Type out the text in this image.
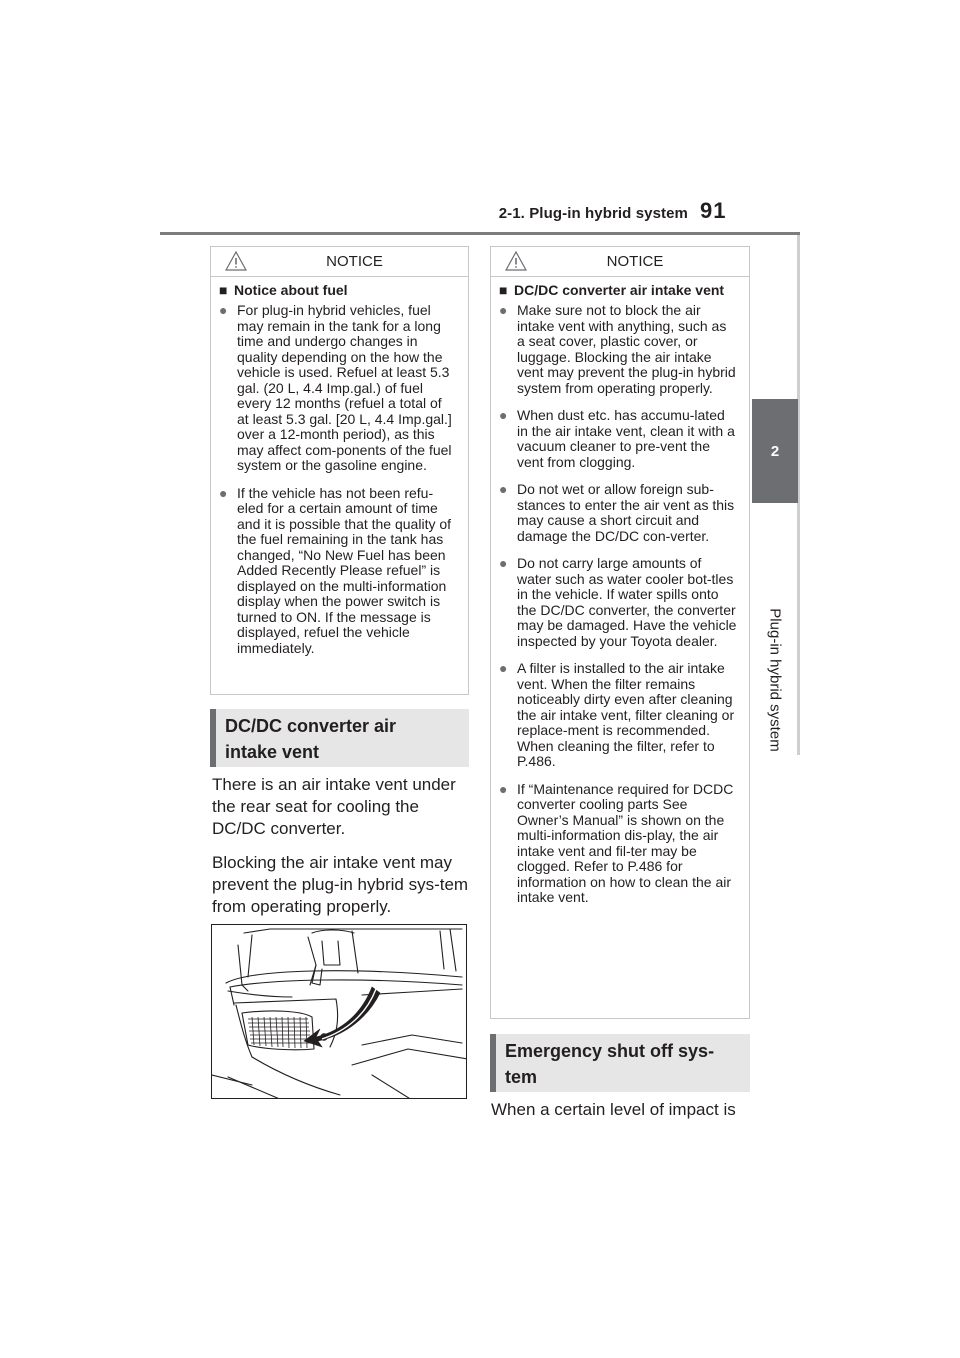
2-1. Plug-in hybrid system 91
2
Plug-in hybrid system
NOTICE
■ Notice about fuel
● For plug-in hybrid vehicles, fuel may remain in the tank for a long time and undergo changes in quality depending on the how the vehicle is used. Refuel at least 5.3 gal. (20 L, 4.4 Imp.gal.) of fuel every 12 months (refuel a total of at least 5.3 gal. [20 L, 4.4 Imp.gal.] over a 12-month period), as this may affect com-ponents of the fuel system or the gasoline engine.
● If the vehicle has not been refu-eled for a certain amount of time and it is possible that the quality of the fuel remaining in the tank has changed, “No New Fuel has been Added Recently Please refuel” is displayed on the multi-information display when the power switch is turned to ON. If the message is displayed, refuel the vehicle immediately.
DC/DC converter air
intake vent

There is an air intake vent under the rear seat for cooling the DC/DC converter.

Blocking the air intake vent may prevent the plug-in hybrid sys-tem from operating properly.

NOTICE
■ DC/DC converter air intake vent
● Make sure not to block the air intake vent with anything, such as a seat cover, plastic cover, or luggage. Blocking the air intake vent may prevent the plug-in hybrid system from operating properly.
● When dust etc. has accumu-lated in the air intake vent, clean it with a vacuum cleaner to pre-vent the vent from clogging.
● Do not wet or allow foreign sub-stances to enter the air vent as this may cause a short circuit and damage the DC/DC con-verter.
● Do not carry large amounts of water such as water cooler bot-tles in the vehicle. If water spills onto the DC/DC converter, the converter may be damaged. Have the vehicle inspected by your Toyota dealer.
● A filter is installed to the air intake vent. When the filter remains noticeably dirty even after cleaning the air intake vent, filter cleaning or replace-ment is recommended. When cleaning the filter, refer to P.486.
● If “Maintenance required for DCDC converter cooling parts See Owner’s Manual” is shown on the multi-information dis-play, the air intake vent and fil-ter may be clogged. Refer to P.486 for information on how to clean the air intake vent.
Emergency shut off sys-
tem

When a certain level of impact is
